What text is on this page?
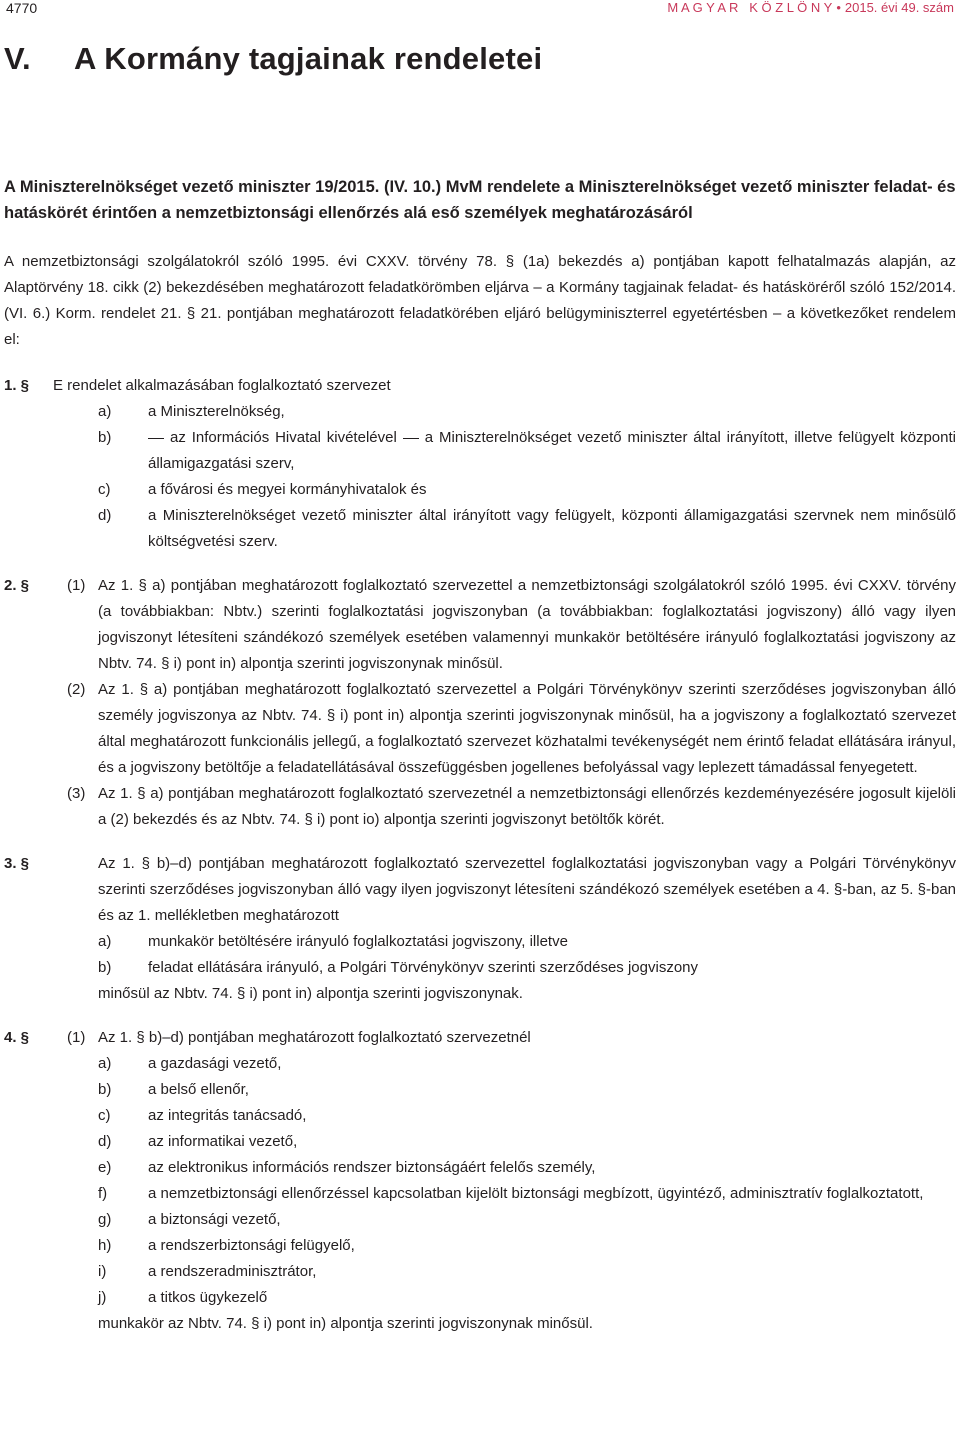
4770	M A G Y A R   K Ö Z L Ö N Y • 2015. évi 49. szám
V. A Kormány tagjainak rendeletei
A Miniszterelnökséget vezető miniszter 19/2015. (IV. 10.) MvM rendelete a Miniszterelnökséget vezető miniszter feladat- és hatáskörét érintően a nemzetbiztonsági ellenőrzés alá eső személyek meghatározásáról
A nemzetbiztonsági szolgálatokról szóló 1995. évi CXXV. törvény 78. § (1a) bekezdés a) pontjában kapott felhatalmazás alapján, az Alaptörvény 18. cikk (2) bekezdésében meghatározott feladatkörömben eljárva – a Kormány tagjainak feladat- és hatásköréről szóló 152/2014. (VI. 6.) Korm. rendelet 21. § 21. pontjában meghatározott feladatkörében eljáró belügyminiszterrel egyetértésben – a következőket rendelem el:
1. § E rendelet alkalmazásában foglalkoztató szervezet
a) a Miniszterelnökség,
b)	az Információs Hivatal kivételével a Miniszterelnökséget vezető miniszter által irányított, illetve felügyelt központi államigazgatási szerv,
c)	a fővárosi és megyei kormányhivatalok és
d) a Miniszterelnökséget vezető miniszter által irányított vagy felügyelt, központi államigazgatási szervnek nem minősülő költségvetési szerv.
2. §	(1) Az 1. § a) pontjában meghatározott foglalkoztató szervezettel a nemzetbiztonsági szolgálatokról szóló 1995. évi CXXV. törvény (a továbbiakban: Nbtv.) szerinti foglalkoztatási jogviszonyban (a továbbiakban: foglalkoztatási jogviszony) álló vagy ilyen jogviszonyt létesíteni szándékozó személyek esetében valamennyi munkakör betöltésére irányuló foglalkoztatási jogviszony az Nbtv. 74. § i) pont in) alpontja szerinti jogviszonynak minősül.

(2) Az 1. § a) pontjában meghatározott foglalkoztató szervezettel a Polgári Törvénykönyv szerinti szerződéses jogviszonyban álló személy jogviszonya az Nbtv. 74. § i) pont in) alpontja szerinti jogviszonynak minősül, ha a jogviszony a foglalkoztató szervezet által meghatározott funkcionális jellegű, a foglalkoztató szervezet közhatalmi tevékenységét nem érintő feladat ellátására irányul, és a jogviszony betöltője a feladatellátásával összefüggésben jogellenes befolyással vagy leplezett támadással fenyegetett.

(3) Az 1. § a) pontjában meghatározott foglalkoztató szervezetnél a nemzetbiztonsági ellenőrzés kezdeményezésére jogosult kijelöli a (2) bekezdés és az Nbtv. 74. § i) pont io) alpontja szerinti jogviszonyt betöltők körét.

3. §	Az 1. § b)–d) pontjában meghatározott foglalkoztató szervezettel foglalkoztatási jogviszonyban vagy a Polgári Törvénykönyv szerinti szerződéses jogviszonyban álló vagy ilyen jogviszonyt létesíteni szándékozó személyek esetében a 4. §-ban, az 5. §-ban és az 1. mellékletben meghatározott

a) munkakör betöltésére irányuló foglalkoztatási jogviszony, illetve
b) feladat ellátására irányuló, a Polgári Törvénykönyv szerinti szerződéses jogviszony
minősül az Nbtv. 74. § i) pont in) alpontja szerinti jogviszonynak.
4. §	(1) Az 1. § b)–d) pontjában meghatározott foglalkoztató szervezetnél

a) a gazdasági vezető,
b) a belső ellenőr,
c)	az integritás tanácsadó,
d) az informatikai vezető,
e) az elektronikus információs rendszer biztonságáért felelős személy,
f)	a nemzetbiztonsági ellenőrzéssel kapcsolatban kijelölt biztonsági megbízott, ügyintéző, adminisztratív foglalkoztatott,
g) a biztonsági vezető,
h) a rendszerbiztonsági felügyelő,
i)	a rendszeradminisztrátor,
j)	a titkos ügykezelő
munkakör az Nbtv. 74. § i) pont in) alpontja szerinti jogviszonynak minősül.
